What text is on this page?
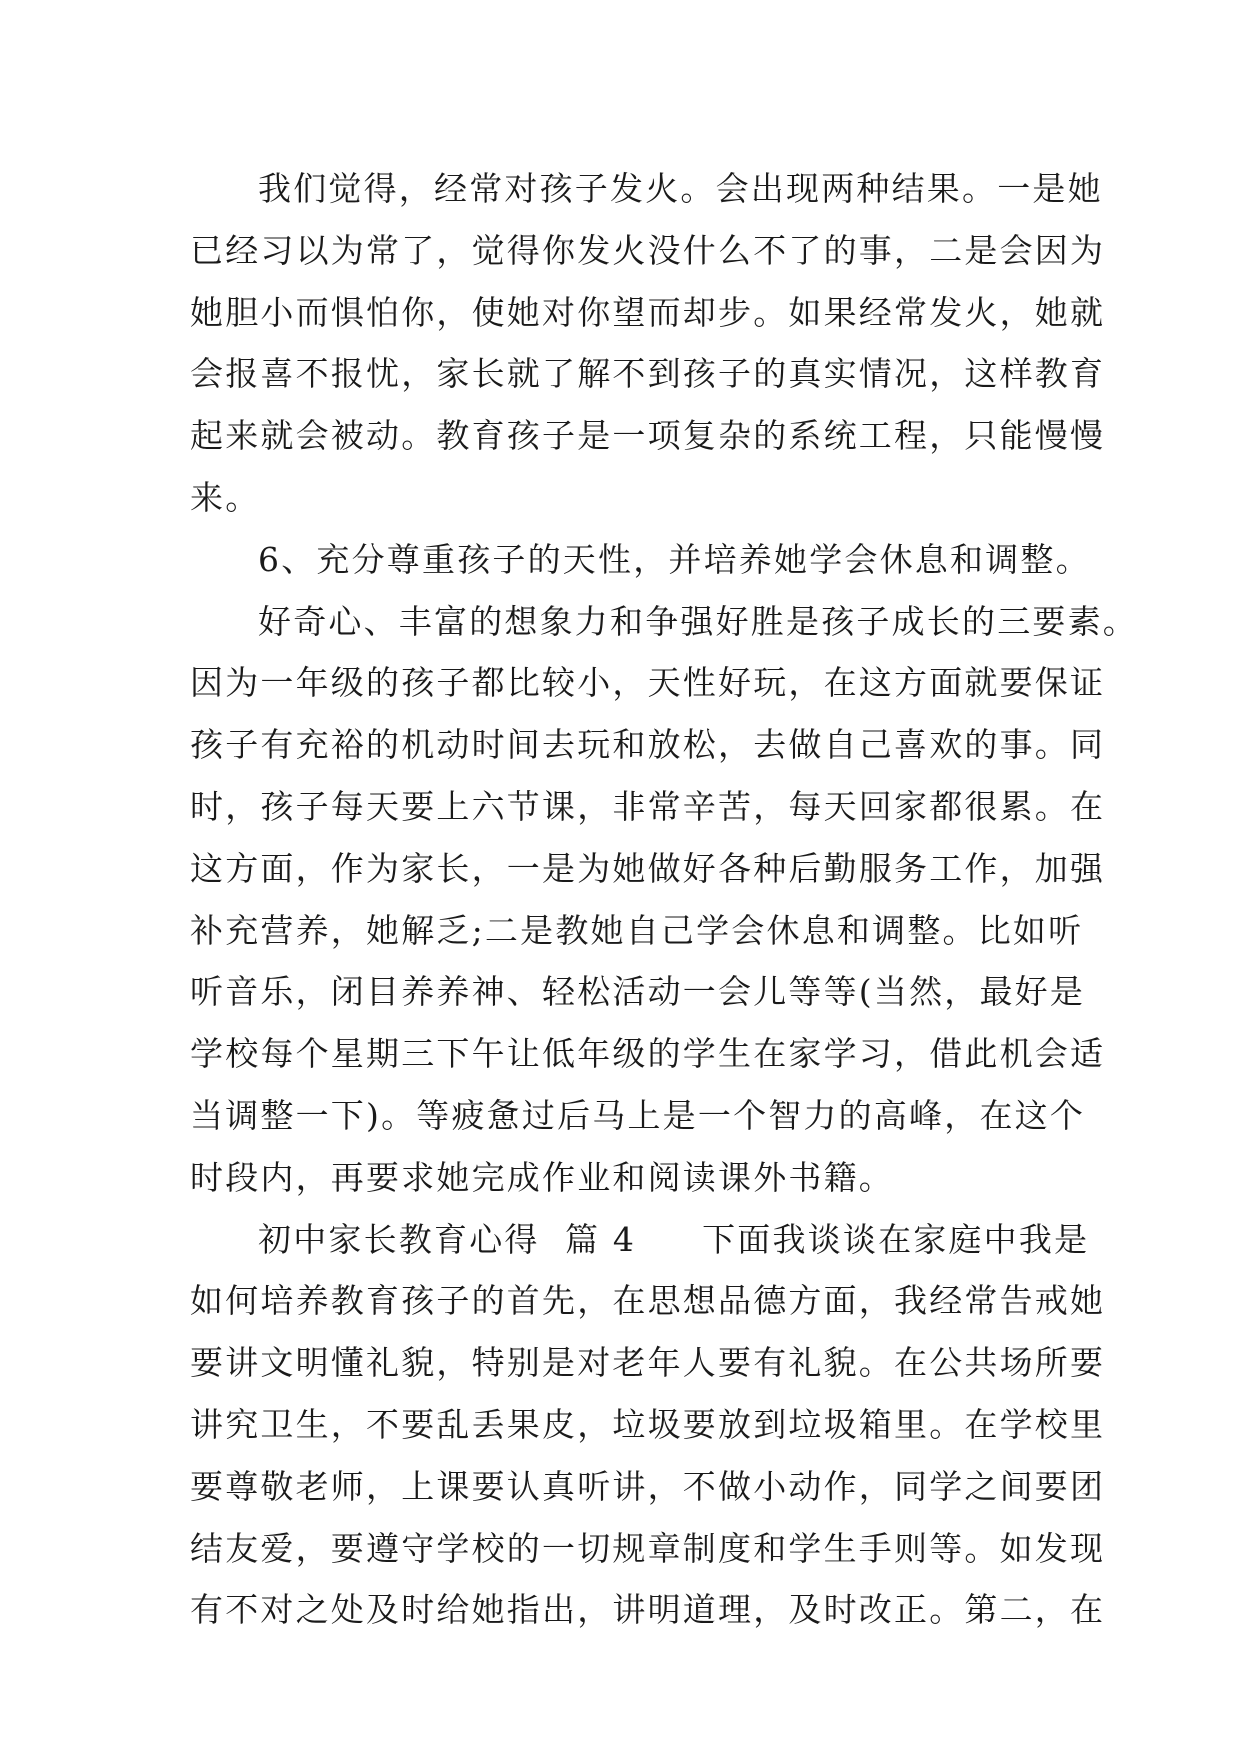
我们觉得，经常对孩子发火。会出现两种结果。一是她
已经习以为常了，觉得你发火没什么不了的事，二是会因为
她胆小而惧怕你，使她对你望而却步。如果经常发火，她就
会报喜不报忧，家长就了解不到孩子的真实情况，这样教育
起来就会被动。教育孩子是一项复杂的系统工程，只能慢慢
来。
6、充分尊重孩子的天性，并培养她学会休息和调整。
好奇心、丰富的想象力和争强好胜是孩子成长的三要素。
因为一年级的孩子都比较小，天性好玩，在这方面就要保证
孩子有充裕的机动时间去玩和放松，去做自己喜欢的事。同
时，孩子每天要上六节课，非常辛苦，每天回家都很累。在
这方面，作为家长，一是为她做好各种后勤服务工作，加强
补充营养，她解乏;二是教她自己学会休息和调整。比如听
听音乐，闭目养养神、轻松活动一会儿等等(当然，最好是
学校每个星期三下午让低年级的学生在家学习，借此机会适
当调整一下)。等疲惫过后马上是一个智力的高峰，在这个
时段内，再要求她完成作业和阅读课外书籍。
初中家长教育心得  篇 4 下面我谈谈在家庭中我是
如何培养教育孩子的首先，在思想品德方面，我经常告戒她
要讲文明懂礼貌，特别是对老年人要有礼貌。在公共场所要
讲究卫生，不要乱丢果皮，垃圾要放到垃圾箱里。在学校里
要尊敬老师，上课要认真听讲，不做小动作，同学之间要团
结友爱，要遵守学校的一切规章制度和学生手则等。如发现
有不对之处及时给她指出，讲明道理，及时改正。第二，在
